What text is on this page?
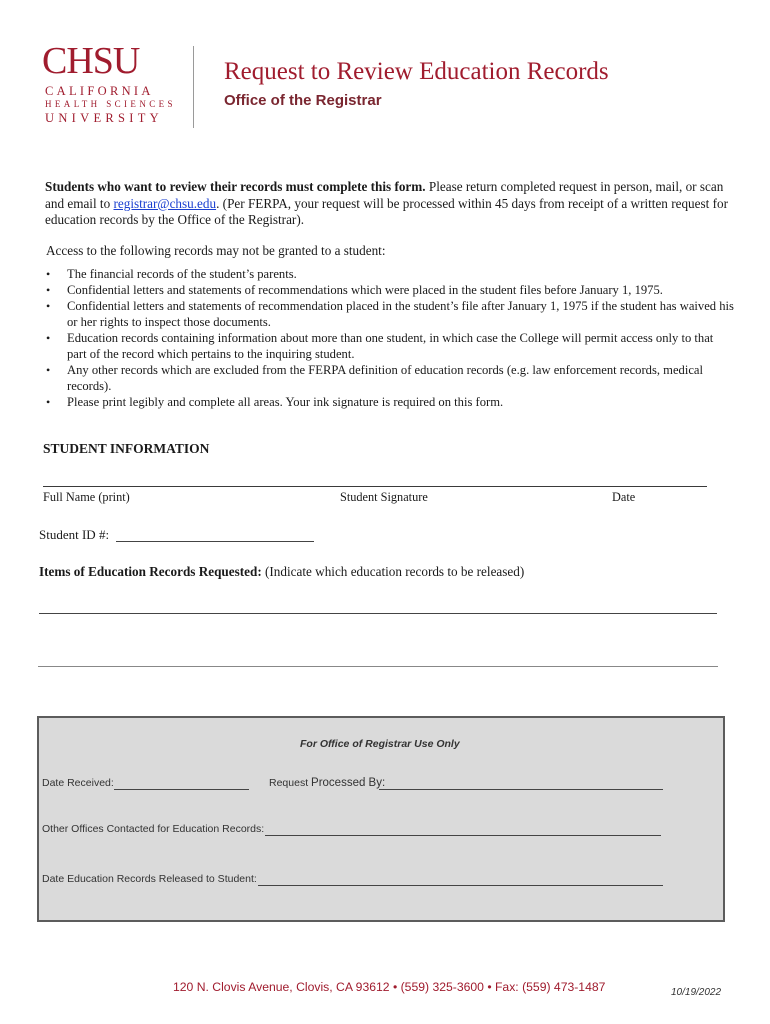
CHSU
CALIFORNIA
HEALTH SCIENCES
UNIVERSITY
Request to Review Education Records
Office of the Registrar
Students who want to review their records must complete this form. Please return completed request in person, mail, or scan and email to registrar@chsu.edu. (Per FERPA, your request will be processed within 45 days from receipt of a written request for education records by the Office of the Registrar).
Access to the following records may not be granted to a student:
• The financial records of the student’s parents.
• Confidential letters and statements of recommendations which were placed in the student files before January 1, 1975.
• Confidential letters and statements of recommendation placed in the student’s file after January 1, 1975 if the student has waived his or her rights to inspect those documents.
• Education records containing information about more than one student, in which case the College will permit access only to that part of the record which pertains to the inquiring student.
• Any other records which are excluded from the FERPA definition of education records (e.g. law enforcement records, medical records).
• Please print legibly and complete all areas. Your ink signature is required on this form.
STUDENT INFORMATION
Full Name (print)	Student Signature	Date
Student ID #:
Items of Education Records Requested: (Indicate which education records to be released)
For Office of Registrar Use Only
Date Received:	Request Processed By:
Other Offices Contacted for Education Records:
Date Education Records Released to Student:
120 N. Clovis Avenue, Clovis, CA 93612 • (559) 325-3600 • Fax: (559) 473-1487	10/19/2022
